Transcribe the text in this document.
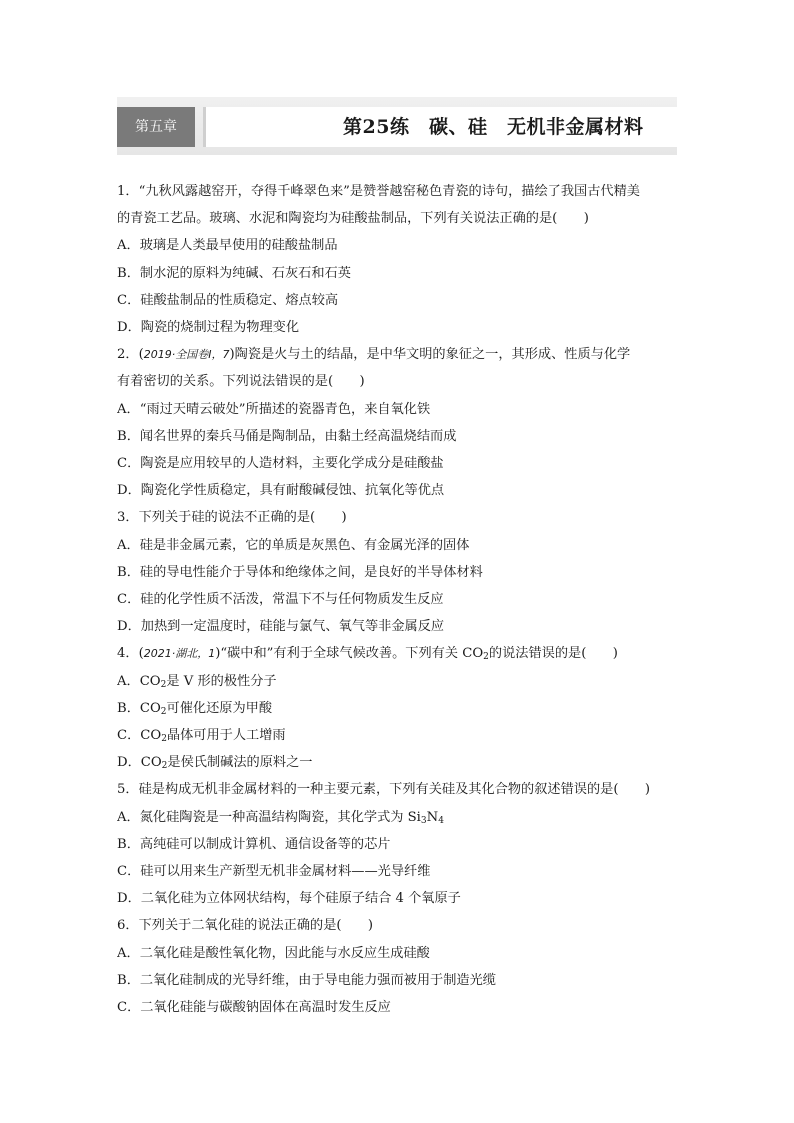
第五章	第25练　碳、硅　无机非金属材料
1．“九秋风露越窑开，夺得千峰翠色来”是赞誉越窑秘色青瓷的诗句，描绘了我国古代精美
的青瓷工艺品。玻璃、水泥和陶瓷均为硅酸盐制品，下列有关说法正确的是(　　)
A．玻璃是人类最早使用的硅酸盐制品
B．制水泥的原料为纯碱、石灰石和石英
C．硅酸盐制品的性质稳定、熔点较高
D．陶瓷的烧制过程为物理变化
2．(2019·全国卷Ⅰ，7)陶瓷是火与土的结晶，是中华文明的象征之一，其形成、性质与化学
有着密切的关系。下列说法错误的是(　　)
A．“雨过天晴云破处”所描述的瓷器青色，来自氧化铁
B．闻名世界的秦兵马俑是陶制品，由黏土经高温烧结而成
C．陶瓷是应用较早的人造材料，主要化学成分是硅酸盐
D．陶瓷化学性质稳定，具有耐酸碱侵蚀、抗氧化等优点
3．下列关于硅的说法不正确的是(　　)
A．硅是非金属元素，它的单质是灰黑色、有金属光泽的固体
B．硅的导电性能介于导体和绝缘体之间，是良好的半导体材料
C．硅的化学性质不活泼，常温下不与任何物质发生反应
D．加热到一定温度时，硅能与氯气、氧气等非金属反应
4．(2021·湖北，1)“碳中和”有利于全球气候改善。下列有关 $CO_2$的说法错误的是(　　)
A．$CO_2$是 V 形的极性分子
B．$CO_2$可催化还原为甲酸
C．$CO_2$晶体可用于人工增雨
D．$CO_2$是侯氏制碱法的原料之一
5．硅是构成无机非金属材料的一种主要元素，下列有关硅及其化合物的叙述错误的是(　　)
A．氮化硅陶瓷是一种高温结构陶瓷，其化学式为 $Si_3N_4$
B．高纯硅可以制成计算机、通信设备等的芯片
C．硅可以用来生产新型无机非金属材料——光导纤维
D．二氧化硅为立体网状结构，每个硅原子结合 4 个氧原子
6．下列关于二氧化硅的说法正确的是(　　)
A．二氧化硅是酸性氧化物，因此能与水反应生成硅酸
B．二氧化硅制成的光导纤维，由于导电能力强而被用于制造光缆
C．二氧化硅能与碳酸钠固体在高温时发生反应
